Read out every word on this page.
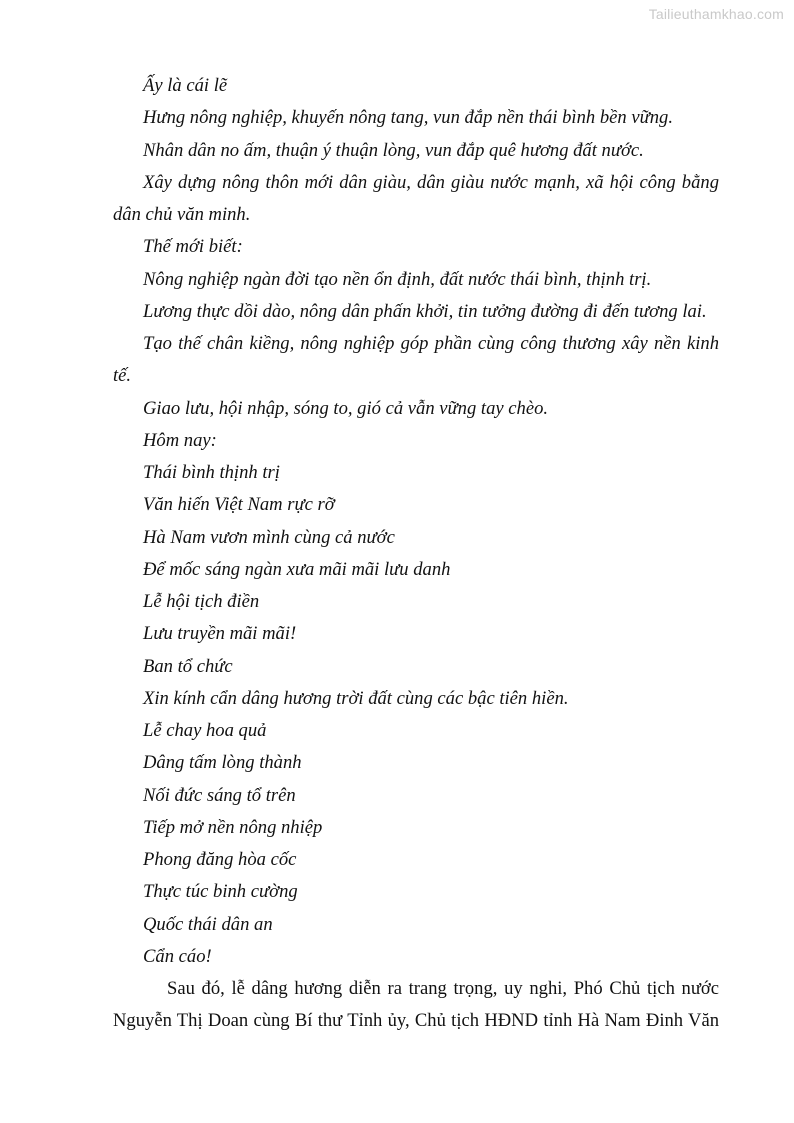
Tailieuthamkhao.com
Ấy là cái lẽ
Hưng nông nghiệp, khuyến nông tang, vun đắp nền thái bình bền vững.
Nhân dân no ấm, thuận ý thuận lòng, vun đắp quê hương đất nước.
Xây dựng nông thôn mới dân giàu, dân giàu nước mạnh, xã hội công bằng
dân chủ văn minh.
Thế mới biết:
Nông nghiệp ngàn đời tạo nền ổn định, đất nước thái bình, thịnh trị.
Lương thực dồi dào, nông dân phấn khởi, tin tưởng đường đi đến tương lai.
Tạo thế chân kiềng, nông nghiệp góp phần cùng công thương xây nền kinh
tế.
Giao lưu, hội nhập, sóng to, gió cả vẫn vững tay chèo.
Hôm nay:
Thái bình thịnh trị
Văn hiến Việt Nam rực rỡ
Hà Nam vươn mình cùng cả nước
Để mốc sáng ngàn xưa mãi mãi lưu danh
Lễ hội tịch điền
Lưu truyền mãi mãi!
Ban tổ chức
Xin kính cẩn dâng hương trời đất cùng các bậc tiên hiền.
Lễ chay hoa quả
Dâng tấm lòng thành
Nối đức sáng tổ trên
Tiếp mở nền nông nhiệp
Phong đăng hòa cốc
Thực túc binh cường
Quốc thái dân an
Cẩn cáo!
Sau đó, lễ dâng hương diễn ra trang trọng, uy nghi, Phó Chủ tịch nước
Nguyễn Thị Doan cùng Bí thư Tỉnh ủy, Chủ tịch HĐND tỉnh Hà Nam Đinh Văn
